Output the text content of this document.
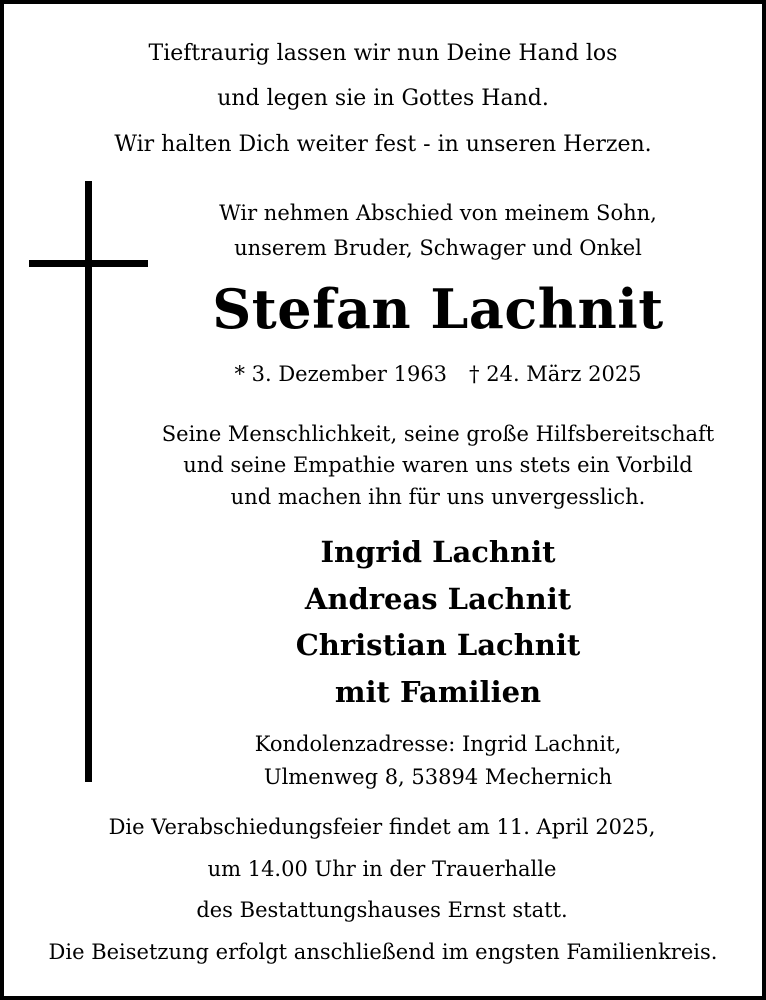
Tieftraurig lassen wir nun Deine Hand los
und legen sie in Gottes Hand.
Wir halten Dich weiter fest - in unseren Herzen.
Wir nehmen Abschied von meinem Sohn,
unserem Bruder, Schwager und Onkel
Stefan Lachnit
* 3. Dezember 1963 † 24. März 2025
Seine Menschlichkeit, seine große Hilfsbereitschaft
und seine Empathie waren uns stets ein Vorbild
und machen ihn für uns unvergesslich.
Ingrid Lachnit
Andreas Lachnit
Christian Lachnit
mit Familien
Kondolenzadresse: Ingrid Lachnit,
Ulmenweg 8, 53894 Mechernich
Die Verabschiedungsfeier findet am 11. April 2025,
um 14.00 Uhr in der Trauerhalle
des Bestattungshauses Ernst statt.
Die Beisetzung erfolgt anschließend im engsten Familienkreis.
